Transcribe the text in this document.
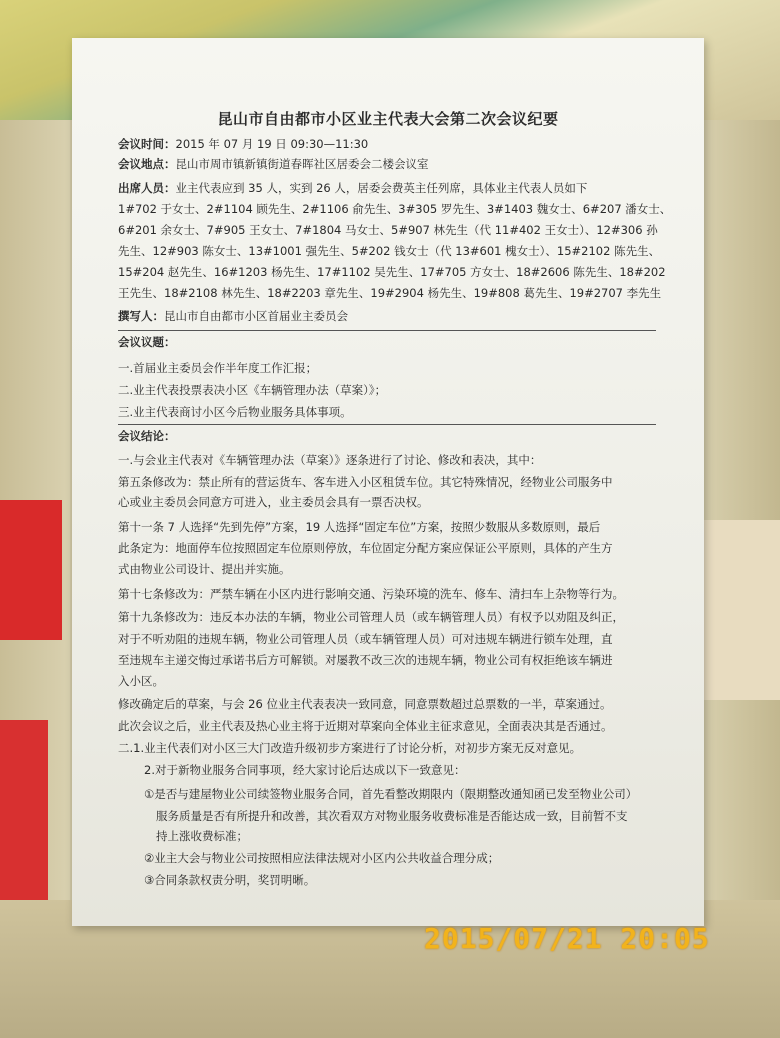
昆山市自由都市小区业主代表大会第二次会议纪要
会议时间：2015 年 07 月 19 日 09:30—11:30
会议地点：昆山市周市镇新镇街道春晖社区居委会二楼会议室
出席人员：业主代表应到 35 人，实到 26 人，居委会费英主任列席，具体业主代表人员如下
1#702 于女士、2#1104 顾先生、2#1106 俞先生、3#305 罗先生、3#1403 魏女士、6#207 潘女士、
6#201 余女士、7#905 王女士、7#1804 马女士、5#907 林先生（代 11#402 王女士）、12#306 孙
先生、12#903 陈女士、13#1001 强先生、5#202 钱女士（代 13#601 槐女士）、15#2102 陈先生、
15#204 赵先生、16#1203 杨先生、17#1102 吴先生、17#705 方女士、18#2606 陈先生、18#202
王先生、18#2108 林先生、18#2203 章先生、19#2904 杨先生、19#808 葛先生、19#2707 李先生
撰写人：昆山市自由都市小区首届业主委员会
会议议题：
一.首届业主委员会作半年度工作汇报；
二.业主代表投票表决小区《车辆管理办法（草案）》；
三.业主代表商讨小区今后物业服务具体事项。
会议结论：
一.与会业主代表对《车辆管理办法（草案）》逐条进行了讨论、修改和表决，其中：
第五条修改为：禁止所有的营运货车、客车进入小区租赁车位。其它特殊情况，经物业公司服务中
心或业主委员会同意方可进入，业主委员会具有一票否决权。
第十一条 7 人选择“先到先停”方案，19 人选择“固定车位”方案，按照少数服从多数原则，最后
此条定为：地面停车位按照固定车位原则停放，车位固定分配方案应保证公平原则，具体的产生方
式由物业公司设计、提出并实施。
第十七条修改为：严禁车辆在小区内进行影响交通、污染环境的洗车、修车、清扫车上杂物等行为。
第十九条修改为：违反本办法的车辆，物业公司管理人员（或车辆管理人员）有权予以劝阻及纠正，
对于不听劝阻的违规车辆，物业公司管理人员（或车辆管理人员）可对违规车辆进行锁车处理，直
至违规车主递交悔过承诺书后方可解锁。对屡教不改三次的违规车辆，物业公司有权拒绝该车辆进
入小区。
修改确定后的草案，与会 26 位业主代表表决一致同意，同意票数超过总票数的一半，草案通过。
此次会议之后，业主代表及热心业主将于近期对草案向全体业主征求意见，全面表决其是否通过。
二.1.业主代表们对小区三大门改造升级初步方案进行了讨论分析，对初步方案无反对意见。
2.对于新物业服务合同事项，经大家讨论后达成以下一致意见：
①是否与建屋物业公司续签物业服务合同，首先看整改期限内（限期整改通知函已发至物业公司）
服务质量是否有所提升和改善，其次看双方对物业服务收费标准是否能达成一致，目前暂不支
持上涨收费标准；
②业主大会与物业公司按照相应法律法规对小区内公共收益合理分成；
③合同条款权责分明，奖罚明晰。
2015/07/21 20:05
